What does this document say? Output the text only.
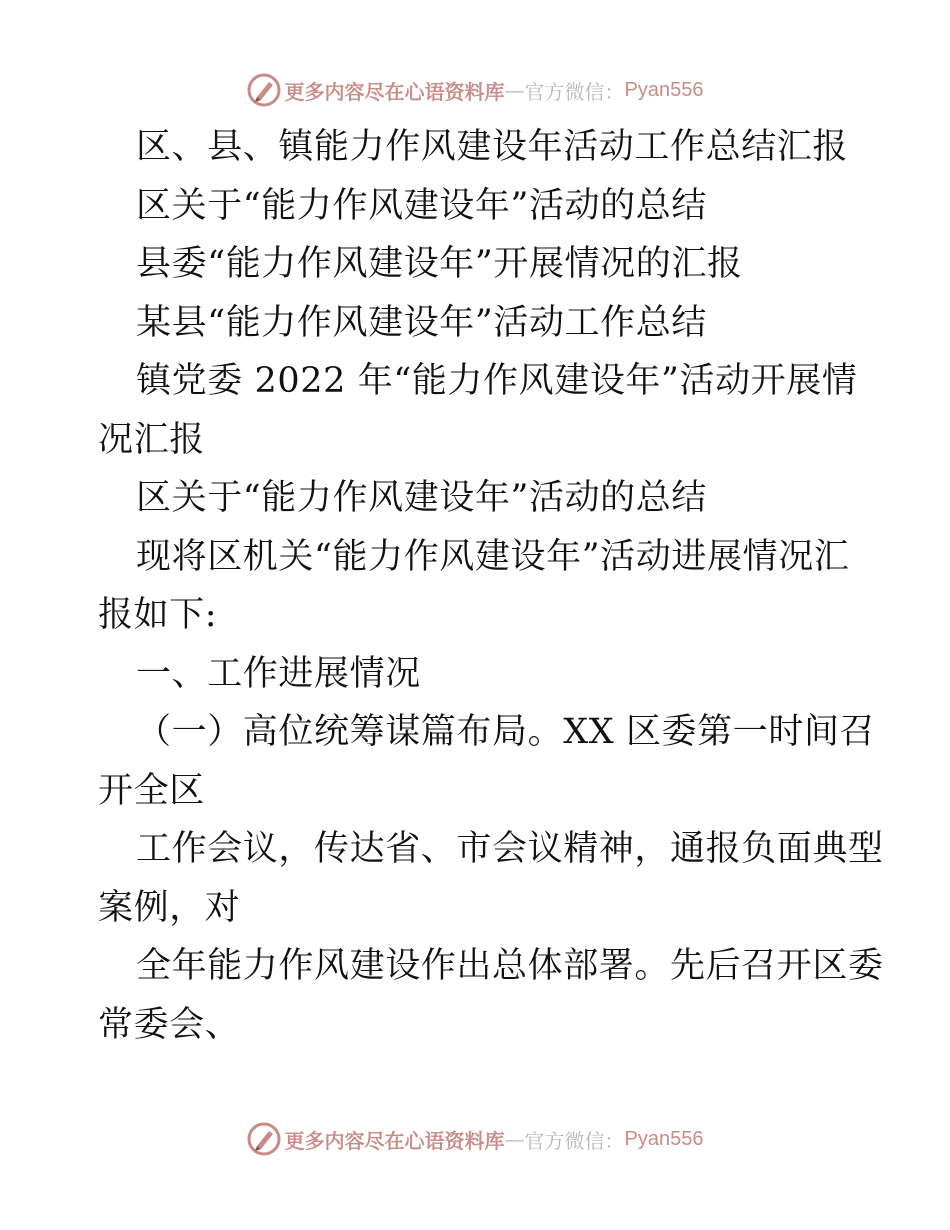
更多内容尽在心语资料库 — 官方微信： Pyan556

区、县、镇能力作风建设年活动工作总结汇报

区关于“能力作风建设年”活动的总结

县委“能力作风建设年”开展情况的汇报

某县“能力作风建设年”活动工作总结

镇党委 2022 年“能力作风建设年”活动开展情

况汇报

区关于“能力作风建设年”活动的总结

现将区机关“能力作风建设年”活动进展情况汇

报如下:

一、工作进展情况

（一）高位统筹谋篇布局。XX 区委第一时间召

开全区

工作会议，传达省、市会议精神，通报负面典型

案例，对

全年能力作风建设作出总体部署。先后召开区委

常委会、

更多内容尽在心语资料库 — 官方微信： Pyan556
